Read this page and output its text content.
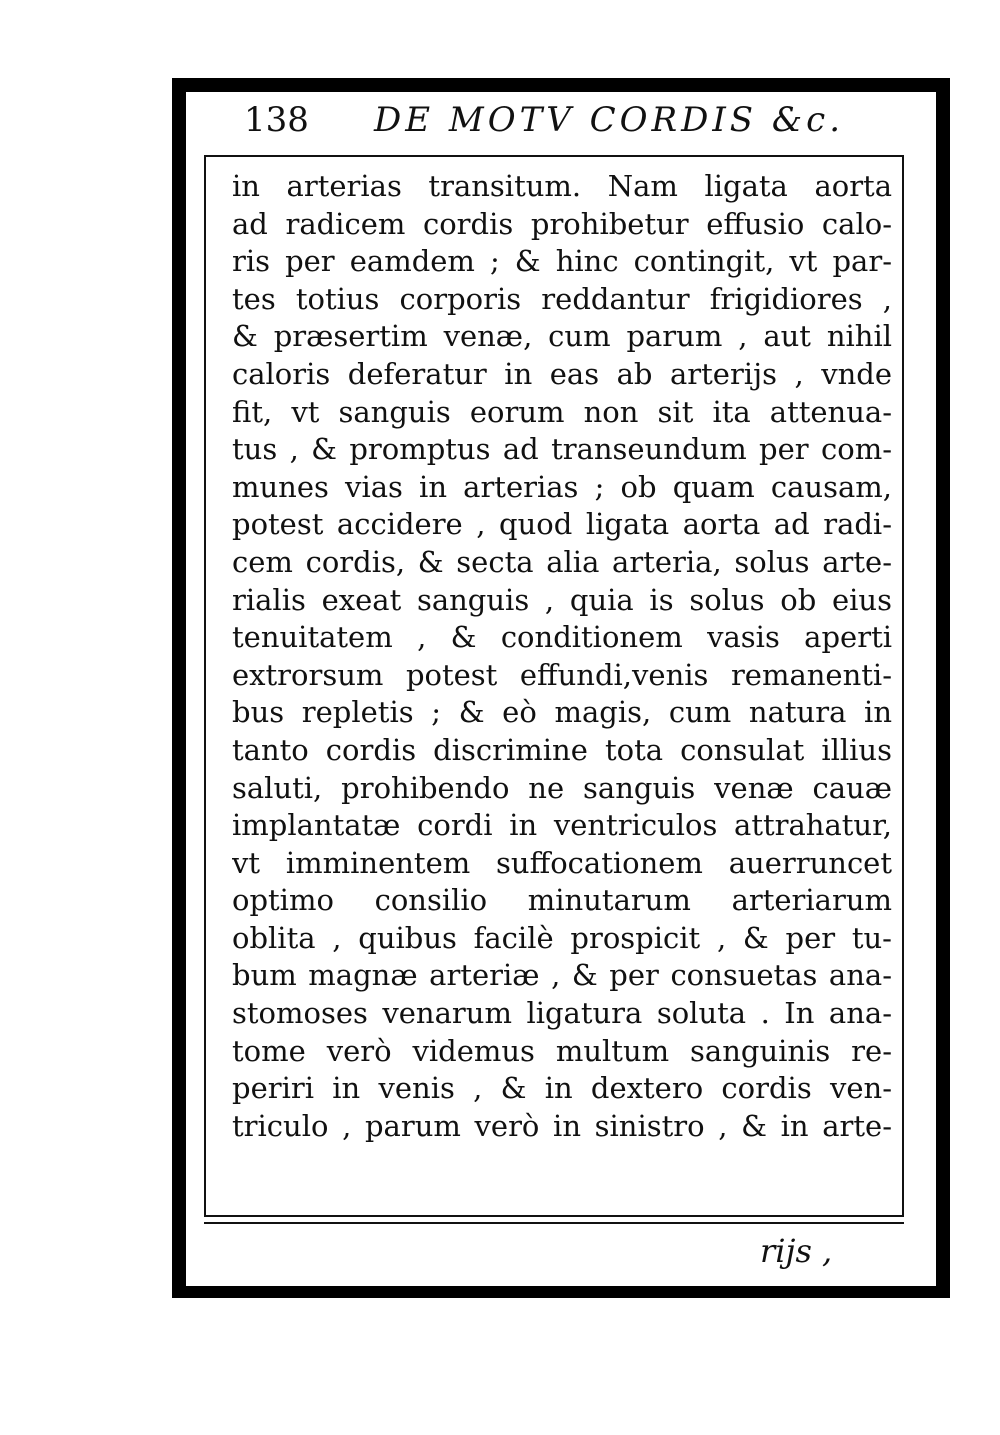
138	DE MOTV CORDIS &c.
in arterias transitum. Nam ligata aorta
ad radicem cordis prohibetur effusio calo-
ris per eamdem ; & hinc contingit, vt par-
tes totius corporis reddantur frigidiores ,
& præsertim venæ, cum parum , aut nihil
caloris deferatur in eas ab arterijs , vnde
fit, vt sanguis eorum non sit ita attenua-
tus , & promptus ad transeundum per com-
munes vias in arterias ; ob quam causam,
potest accidere , quod ligata aorta ad radi-
cem cordis, & secta alia arteria, solus arte-
rialis exeat sanguis , quia is solus ob eius
tenuitatem , & conditionem vasis aperti
extrorsum potest effundi,venis remanenti-
bus repletis ; & eò magis, cum natura in
tanto cordis discrimine tota consulat illius
saluti, prohibendo ne sanguis venæ cauæ
implantatæ cordi in ventriculos attrahatur,
vt imminentem suffocationem auerruncet
optimo consilio minutarum arteriarum
oblita , quibus facilè prospicit , & per tu-
bum magnæ arteriæ , & per consuetas ana-
stomoses venarum ligatura soluta . In ana-
tome verò videmus multum sanguinis re-
periri in venis , & in dextero cordis ven-
triculo , parum verò in sinistro , & in arte-
rijs ,
